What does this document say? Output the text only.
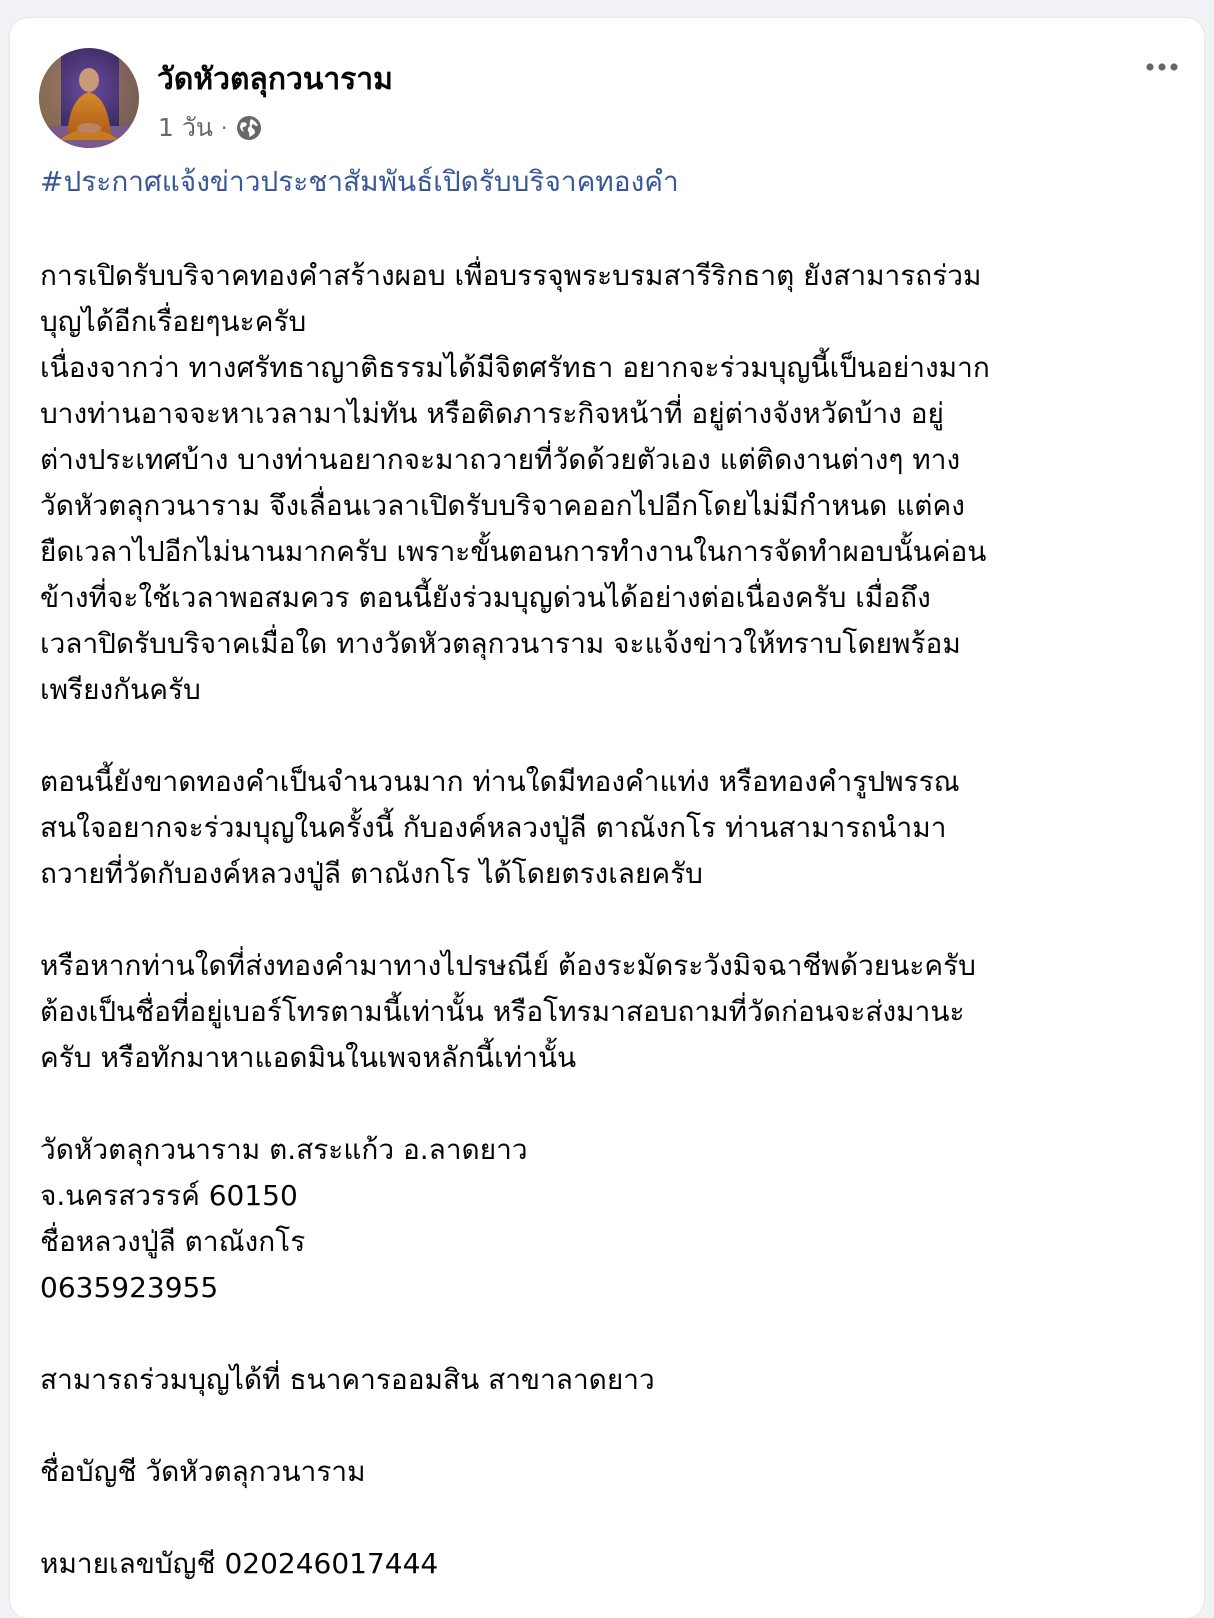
วัดหัวตลุกวนาราม
1 วัน ·
#ประกาศแจ้งข่าวประชาสัมพันธ์เปิดรับบริจาคทองคำ

การเปิดรับบริจาคทองคำสร้างผอบ เพื่อบรรจุพระบรมสารีริกธาตุ ยังสามารถร่วม

บุญได้อีกเรื่อยๆนะครับ

เนื่องจากว่า ทางศรัทธาญาติธรรมได้มีจิตศรัทธา อยากจะร่วมบุญนี้เป็นอย่างมาก

บางท่านอาจจะหาเวลามาไม่ทัน หรือติดภาระกิจหน้าที่ อยู่ต่างจังหวัดบ้าง อยู่

ต่างประเทศบ้าง บางท่านอยากจะมาถวายที่วัดด้วยตัวเอง แต่ติดงานต่างๆ ทาง

วัดหัวตลุกวนาราม จึงเลื่อนเวลาเปิดรับบริจาคออกไปอีกโดยไม่มีกำหนด แต่คง

ยืดเวลาไปอีกไม่นานมากครับ เพราะขั้นตอนการทำงานในการจัดทำผอบนั้นค่อน

ข้างที่จะใช้เวลาพอสมควร ตอนนี้ยังร่วมบุญด่วนได้อย่างต่อเนื่องครับ เมื่อถึง

เวลาปิดรับบริจาคเมื่อใด ทางวัดหัวตลุกวนาราม จะแจ้งข่าวให้ทราบโดยพร้อม

เพรียงกันครับ

ตอนนี้ยังขาดทองคำเป็นจำนวนมาก ท่านใดมีทองคำแท่ง หรือทองคำรูปพรรณ

สนใจอยากจะร่วมบุญในครั้งนี้ กับองค์หลวงปู่ลี ตาณังกโร ท่านสามารถนำมา

ถวายที่วัดกับองค์หลวงปู่ลี ตาณังกโร ได้โดยตรงเลยครับ

หรือหากท่านใดที่ส่งทองคำมาทางไปรษณีย์ ต้องระมัดระวังมิจฉาชีพด้วยนะครับ

ต้องเป็นชื่อที่อยู่เบอร์โทรตามนี้เท่านั้น หรือโทรมาสอบถามที่วัดก่อนจะส่งมานะ

ครับ หรือทักมาหาแอดมินในเพจหลักนี้เท่านั้น

วัดหัวตลุกวนาราม ต.สระแก้ว อ.ลาดยาว

จ.นครสวรรค์ 60150

ชื่อหลวงปู่ลี ตาณังกโร

0635923955

สามารถร่วมบุญได้ที่ ธนาคารออมสิน สาขาลาดยาว

ชื่อบัญชี วัดหัวตลุกวนาราม

หมายเลขบัญชี 020246017444
